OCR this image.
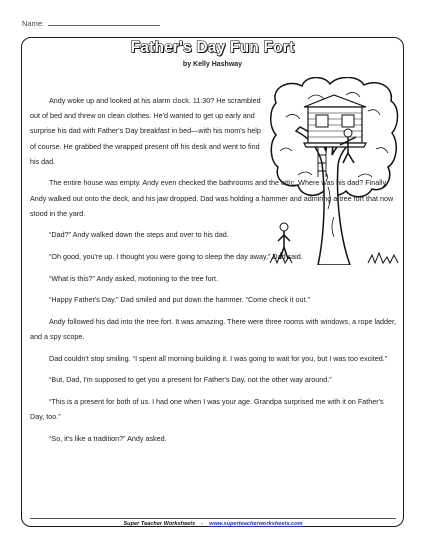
Name:
Father's Day Fun Fort
by Kelly Hashway

Andy woke up and looked at his alarm clock. 11:30? He scrambled out of bed and threw on clean clothes. He'd wanted to get up early and surprise his dad with Father's Day breakfast in bed—with his mom's help of course. He grabbed the wrapped present off his desk and went to find his dad.

The entire house was empty. Andy even checked the bathrooms and the attic. Where was his dad? Finally, Andy walked out onto the deck, and his jaw dropped. Dad was holding a hammer and admiring a tree fort that now stood in the yard.

“Dad?” Andy walked down the steps and over to his dad.

“Oh good, you're up. I thought you were going to sleep the day away,” Dad said.

“What is this?” Andy asked, motioning to the tree fort.

“Happy Father's Day.” Dad smiled and put down the hammer. “Come check it out.”

Andy followed his dad into the tree fort. It was amazing. There were three rooms with windows, a rope ladder, and a spy scope.

Dad couldn't stop smiling. “I spent all morning building it. I was going to wait for you, but I was too excited.”

“But, Dad, I'm supposed to get you a present for Father's Day, not the other way around.”

“This is a present for both of us. I had one when I was your age. Grandpa surprised me with it on Father's Day, too.”

“So, it's like a tradition?” Andy asked.

Super Teacher Worksheets - www.superteacherworksheets.com
